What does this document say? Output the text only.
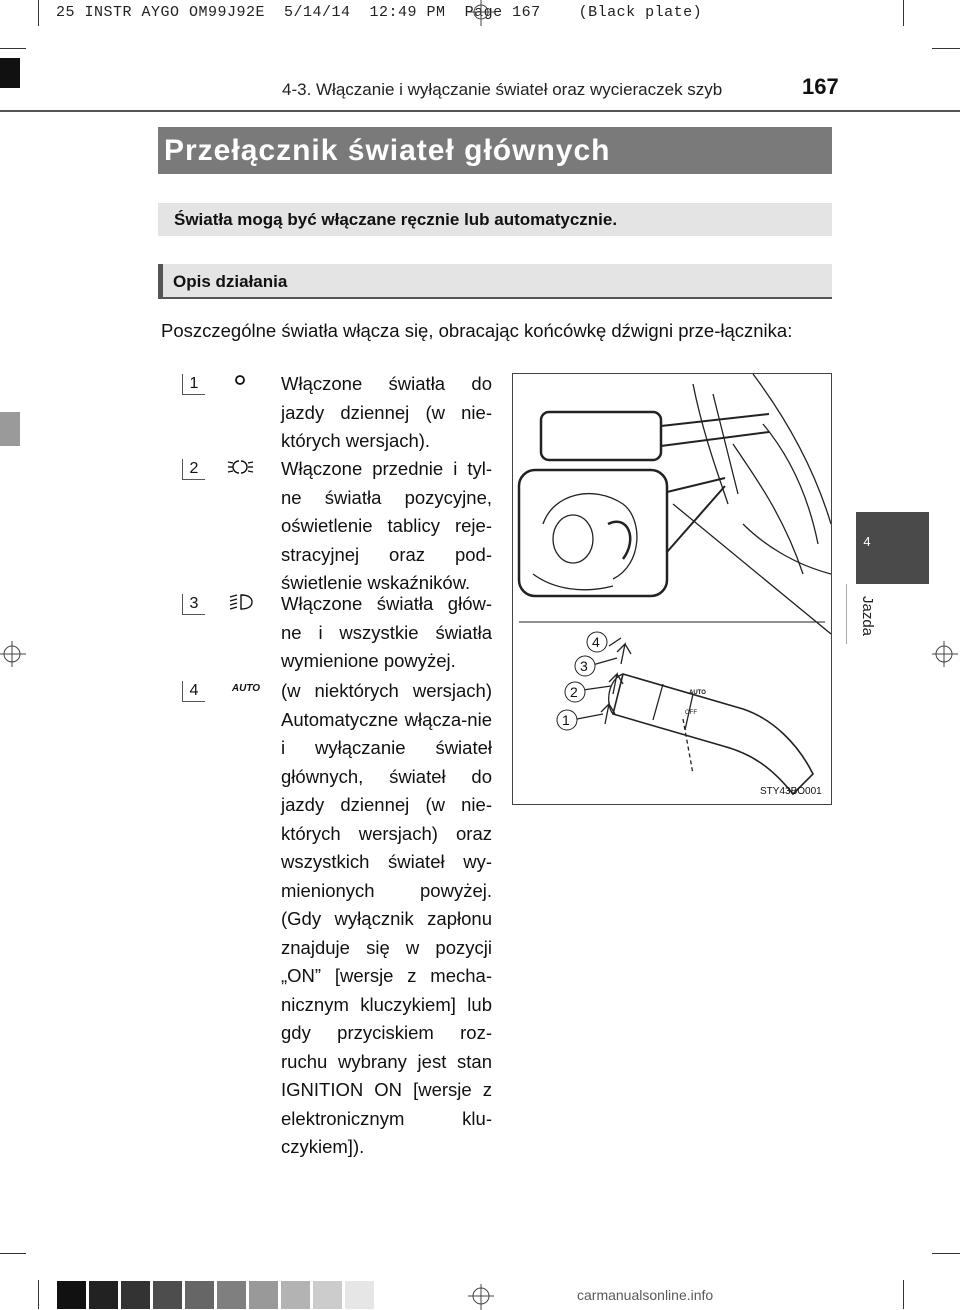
25 INSTR AYGO OM99J92E  5/14/14  12:49 PM  Page 167    (Black plate)
4-3. Włączanie i wyłączanie świateł oraz wycieraczek szyb	167
4
Jazda
Przełącznik świateł głównych
Światła mogą być włączane ręcznie lub automatycznie.
Opis działania
Poszczególne światła włącza się, obracając końcówkę dźwigni prze-łącznika:
1	Włączone światła do jazdy dziennej (w nie-których wersjach).
2	Włączone przednie i tyl-ne światła pozycyjne, oświetlenie tablicy reje-stracyjnej oraz pod-świetlenie wskaźników.
3	Włączone światła głów-ne i wszystkie światła wymienione powyżej.
4	AUTO	(w niektórych wersjach) Automatyczne włącza-nie i wyłączanie świateł głównych, świateł do jazdy dziennej (w nie-których wersjach) oraz wszystkich świateł wy-mienionych powyżej. (Gdy wyłącznik zapłonu znajduje się w pozycji „ON” [wersje z mecha-nicznym kluczykiem] lub gdy przyciskiem roz-ruchu wybrany jest stan IGNITION ON [wersje z elektronicznym klu-czykiem]).
1
2
3
4
AUTO
OFF
STY43BO001
carmanualsonline.info
